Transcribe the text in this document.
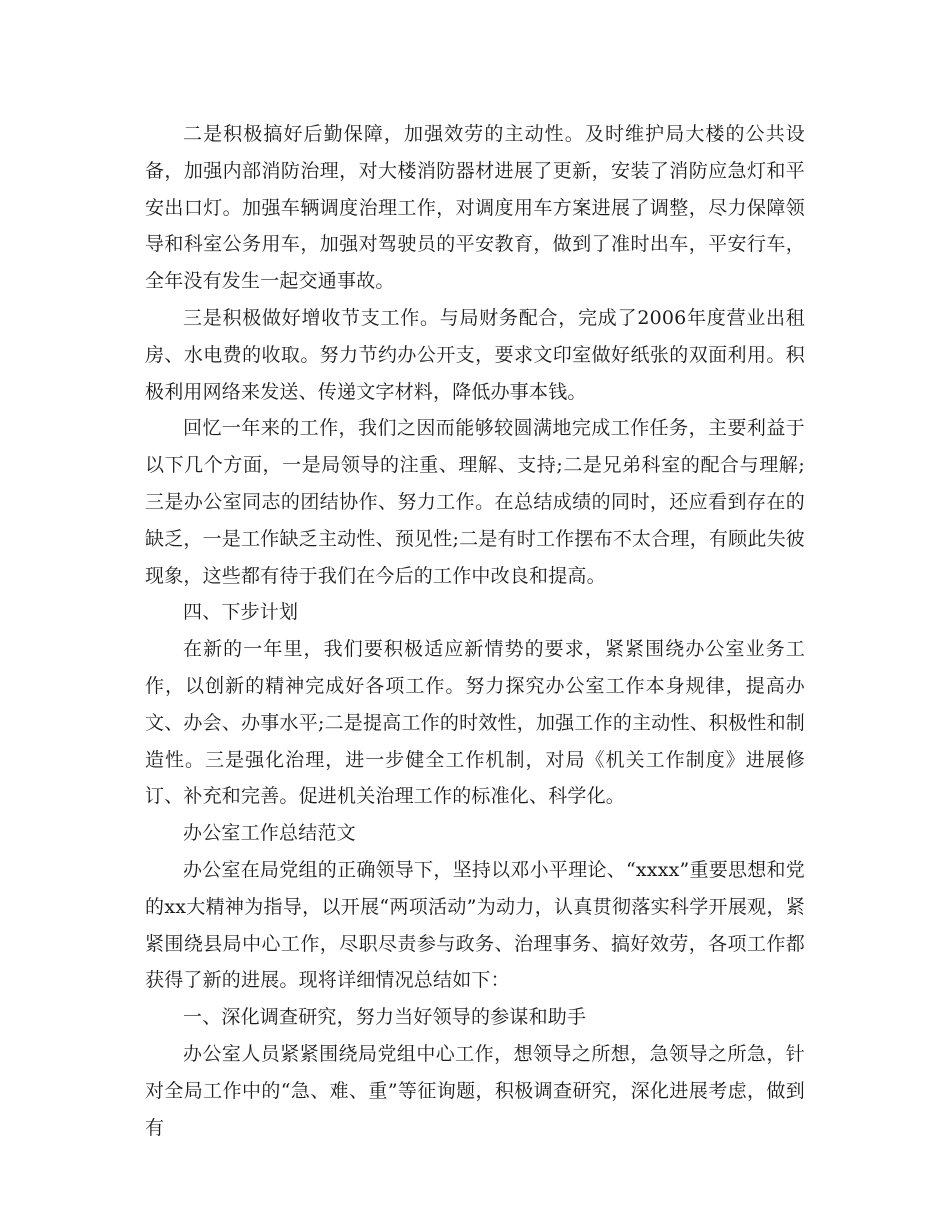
二是积极搞好后勤保障，加强效劳的主动性。及时维护局大楼的公共设备，加强内部消防治理，对大楼消防器材进展了更新，安装了消防应急灯和平安出口灯。加强车辆调度治理工作，对调度用车方案进展了调整，尽力保障领导和科室公务用车，加强对驾驶员的平安教育，做到了准时出车，平安行车，全年没有发生一起交通事故。

三是积极做好增收节支工作。与局财务配合，完成了2006年度营业出租房、水电费的收取。努力节约办公开支，要求文印室做好纸张的双面利用。积极利用网络来发送、传递文字材料，降低办事本钱。

回忆一年来的工作，我们之因而能够较圆满地完成工作任务，主要利益于以下几个方面，一是局领导的注重、理解、支持;二是兄弟科室的配合与理解;三是办公室同志的团结协作、努力工作。在总结成绩的同时，还应看到存在的缺乏，一是工作缺乏主动性、预见性;二是有时工作摆布不太合理，有顾此失彼现象，这些都有待于我们在今后的工作中改良和提高。

四、下步计划

在新的一年里，我们要积极适应新情势的要求，紧紧围绕办公室业务工作，以创新的精神完成好各项工作。努力探究办公室工作本身规律，提高办文、办会、办事水平;二是提高工作的时效性，加强工作的主动性、积极性和制造性。三是强化治理，进一步健全工作机制，对局《机关工作制度》进展修订、补充和完善。促进机关治理工作的标准化、科学化。

办公室工作总结范文

办公室在局党组的正确领导下，坚持以邓小平理论、“xxxx”重要思想和党的xx大精神为指导，以开展“两项活动”为动力，认真贯彻落实科学开展观，紧紧围绕县局中心工作，尽职尽责参与政务、治理事务、搞好效劳，各项工作都获得了新的进展。现将详细情况总结如下：

一、深化调查研究，努力当好领导的参谋和助手

办公室人员紧紧围绕局党组中心工作，想领导之所想，急领导之所急，针对全局工作中的“急、难、重”等征询题，积极调查研究，深化进展考虑，做到有
